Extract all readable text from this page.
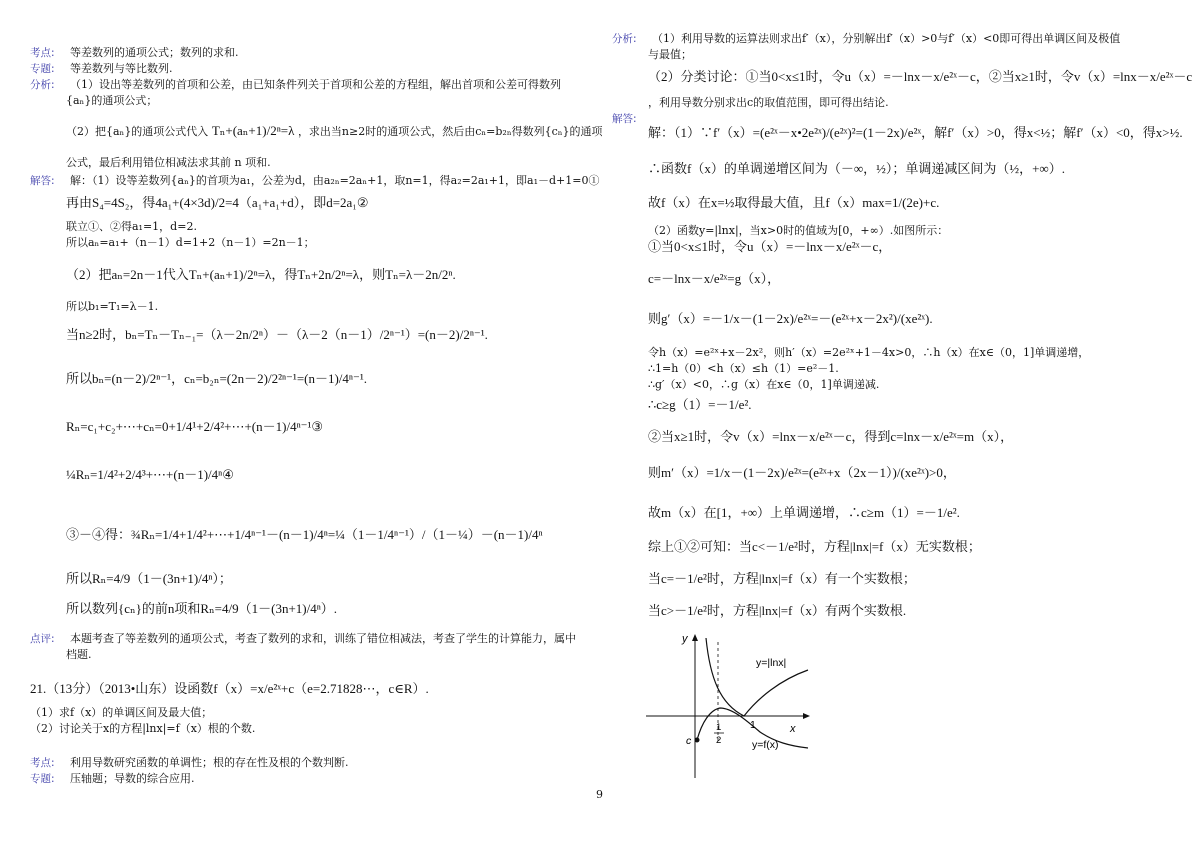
考点: 等差数列的通项公式；数列的求和.
专题: 等差数列与等比数列.
分析: （1）设出等差数列的首项和公差，由已知条件列关于首项和公差的方程组，解出首项和公差可得数列
{aₙ}的通项公式；
（2）把{aₙ}的通项公式代入 Tₙ+(aₙ+1)/2ⁿ=λ ，求出当n≥2时的通项公式，然后由cₙ=b₂ₙ得数列{cₙ}的通项
公式，最后利用错位相减法求其前 n 项和.
解答: 解：（1）设等差数列{aₙ}的首项为a₁，公差为d，由a₂ₙ=2aₙ+1，取n=1，得a₂=2a₁+1，即a₁－d+1=0①
再由S₄=4S₂，得4a₁+(4×3d)/2=4（a₁+a₁+d），即d=2a₁②
联立①、②得a₁=1，d=2.
所以aₙ=a₁+（n－1）d=1+2（n－1）=2n－1；
（2）把aₙ=2n－1代入Tₙ+(aₙ+1)/2ⁿ=λ，得Tₙ+2n/2ⁿ=λ，则Tₙ=λ－2n/2ⁿ.
所以b₁=T₁=λ－1.
当n≥2时，bₙ=Tₙ－Tₙ₋₁=（λ－2n/2ⁿ）－（λ－2（n－1）/2ⁿ⁻¹）=(n－2)/2ⁿ⁻¹.
所以bₙ=(n－2)/2ⁿ⁻¹，cₙ=b₂ₙ=(2n－2)/2²ⁿ⁻¹=(n－1)/4ⁿ⁻¹.
Rₙ=c₁+c₂+⋯+cₙ=0+1/4¹+2/4²+⋯+(n－1)/4ⁿ⁻¹③
¼Rₙ=1/4²+2/4³+⋯+(n－1)/4ⁿ④
③－④得：¾Rₙ=1/4+1/4²+⋯+1/4ⁿ⁻¹－(n－1)/4ⁿ=¼（1－1/4ⁿ⁻¹）/（1－¼）－(n－1)/4ⁿ
所以Rₙ=4/9（1－(3n+1)/4ⁿ）；
所以数列{cₙ}的前n项和Rₙ=4/9（1－(3n+1)/4ⁿ）.
点评: 本题考查了等差数列的通项公式，考查了数列的求和，训练了错位相减法，考查了学生的计算能力，属中
档题.
21.（13分）（2013•山东）设函数f（x）=x/e²ˣ+c（e=2.71828⋯，c∈R）.
（1）求f（x）的单调区间及最大值；
（2）讨论关于x的方程|lnx|=f（x）根的个数.
考点: 利用导数研究函数的单调性；根的存在性及根的个数判断.
专题: 压轴题；导数的综合应用.
分析: （1）利用导数的运算法则求出f′（x），分别解出f′（x）>0与f′（x）<0即可得出单调区间及极值
与最值；
（2）分类讨论：①当0<x≤1时，令u（x）=－lnx－x/e²ˣ－c，②当x≥1时，令v（x）=lnx－x/e²ˣ－c
，利用导数分别求出c的取值范围，即可得出结论.
解答:
解：（1）∵f′（x）=(e²ˣ－x•2e²ˣ)/(e²ˣ)²=(1－2x)/e²ˣ，解f′（x）>0，得x<½；解f′（x）<0，得x>½.
∴函数f（x）的单调递增区间为（－∞，½）；单调递减区间为（½，+∞）.
故f（x）在x=½取得最大值，且f（x）max=1/(2e)+c.
（2）函数y=|lnx|，当x>0时的值域为[0，+∞）.如图所示：
①当0<x≤1时，令u（x）=－lnx－x/e²ˣ－c，
c=－lnx－x/e²ˣ=g（x），
则g′（x）=－1/x－(1－2x)/e²ˣ=－(e²ˣ+x－2x²)/(xe²ˣ).
令h（x）=e²ˣ+x－2x²，则h′（x）=2e²ˣ+1－4x>0，∴h（x）在x∈（0，1]单调递增，
∴1=h（0）<h（x）≤h（1）=e²－1.
∴g′（x）<0，∴g（x）在x∈（0，1]单调递减.
∴c≥g（1）=－1/e².
②当x≥1时，令v（x）=lnx－x/e²ˣ－c，得到c=lnx－x/e²ˣ=m（x），
则m′（x）=1/x－(1－2x)/e²ˣ=(e²ˣ+x（2x－1）)/(xe²ˣ)>0，
故m（x）在[1，+∞）上单调递增，∴c≥m（1）=－1/e².
综上①②可知：当c<－1/e²时，方程|lnx|=f（x）无实数根；
当c=－1/e²时，方程|lnx|=f（x）有一个实数根；
当c>－1/e²时，方程|lnx|=f（x）有两个实数根.
y
x
y=|lnx|
y=f(x)
1
1
2
c
9
